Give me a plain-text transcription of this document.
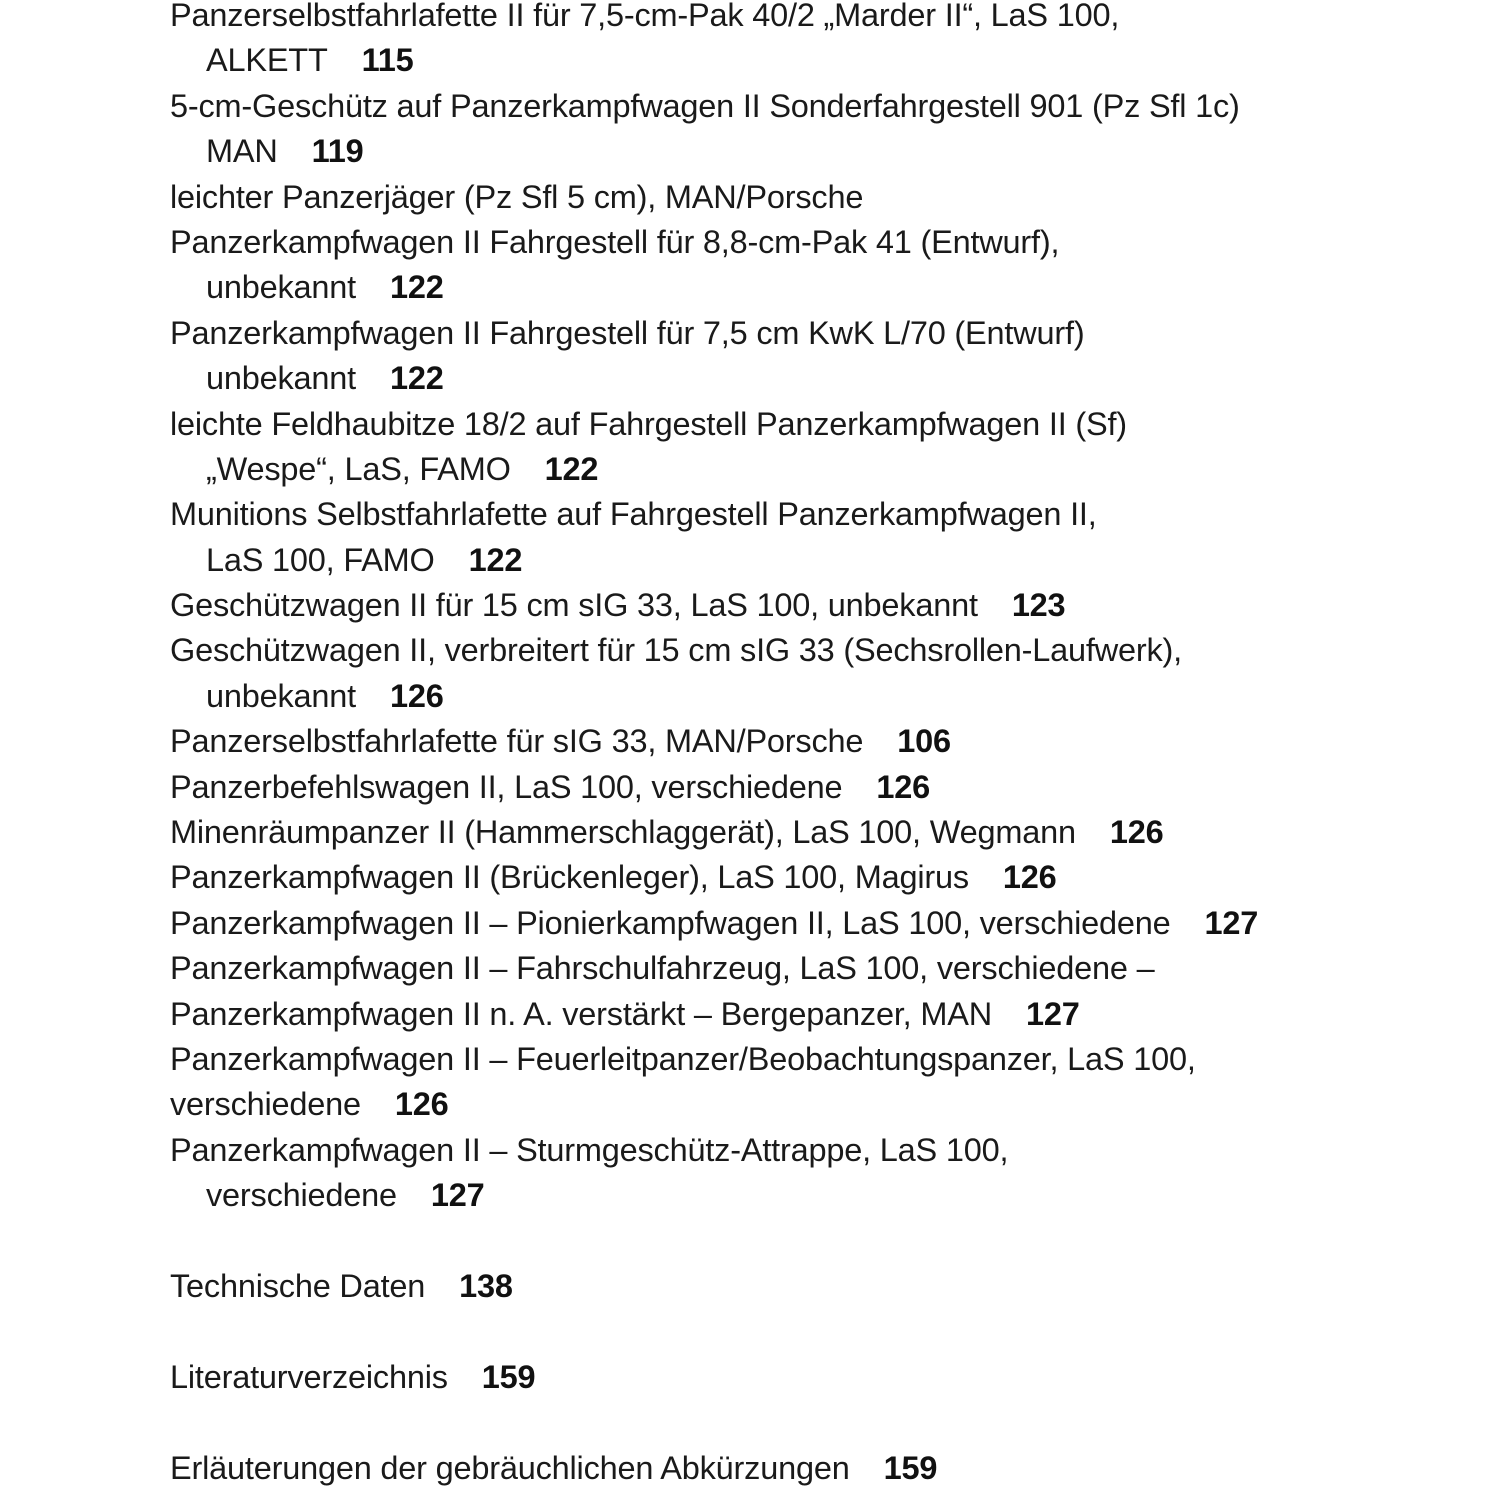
Panzerselbstfahrlafette II für 7,5-cm-Pak 40/2 „Marder II“, LaS 100,
ALKETT 115
5-cm-Geschütz auf Panzerkampfwagen II Sonderfahrgestell 901 (Pz Sfl 1c)
MAN 119
leichter Panzerjäger (Pz Sfl 5 cm), MAN/Porsche
Panzerkampfwagen II Fahrgestell für 8,8-cm-Pak 41 (Entwurf),
unbekannt 122
Panzerkampfwagen II Fahrgestell für 7,5 cm KwK L/70 (Entwurf)
unbekannt 122
leichte Feldhaubitze 18/2 auf Fahrgestell Panzerkampfwagen II (Sf)
„Wespe“, LaS, FAMO 122
Munitions Selbstfahrlafette auf Fahrgestell Panzerkampfwagen II,
LaS 100, FAMO 122
Geschützwagen II für 15 cm sIG 33, LaS 100, unbekannt 123
Geschützwagen II, verbreitert für 15 cm sIG 33 (Sechsrollen-Laufwerk),
unbekannt 126
Panzerselbstfahrlafette für sIG 33, MAN/Porsche 106
Panzerbefehlswagen II, LaS 100, verschiedene 126
Minenräumpanzer II (Hammerschlaggerät), LaS 100, Wegmann 126
Panzerkampfwagen II (Brückenleger), LaS 100, Magirus 126
Panzerkampfwagen II – Pionierkampfwagen II, LaS 100, verschiedene 127
Panzerkampfwagen II – Fahrschulfahrzeug, LaS 100, verschiedene –
Panzerkampfwagen II n. A. verstärkt – Bergepanzer, MAN 127
Panzerkampfwagen II – Feuerleitpanzer/Beobachtungspanzer, LaS 100,
verschiedene 126
Panzerkampfwagen II – Sturmgeschütz-Attrappe, LaS 100,
verschiedene 127
Technische Daten 138
Literaturverzeichnis 159
Erläuterungen der gebräuchlichen Abkürzungen 159
